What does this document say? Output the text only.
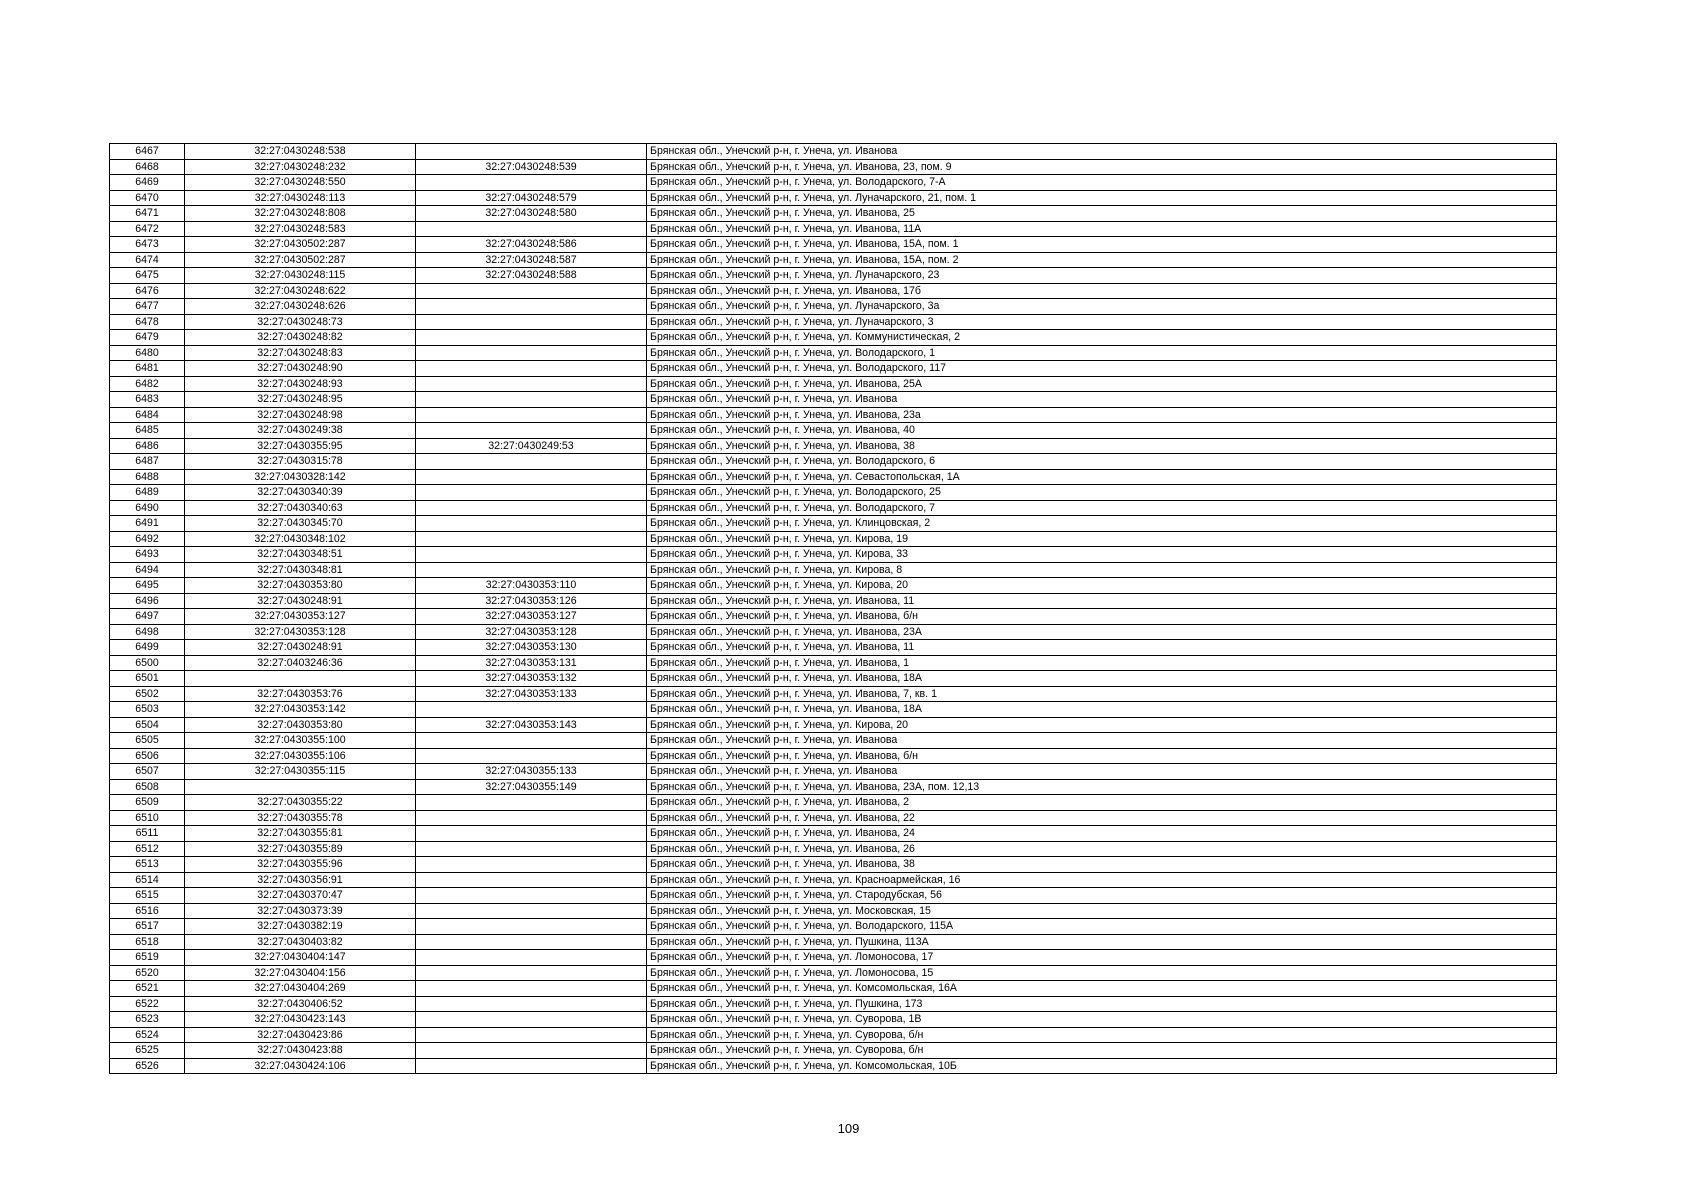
6467	32:27:0430248:538		Брянская обл., Унечский р-н, г. Унеча, ул. Иванова
6468	32:27:0430248:232	32:27:0430248:539	Брянская обл., Унечский р-н, г. Унеча, ул. Иванова, 23, пом. 9
6469	32:27:0430248:550		Брянская обл., Унечский р-н, г. Унеча, ул. Володарского, 7-А
6470	32:27:0430248:113	32:27:0430248:579	Брянская обл., Унечский р-н, г. Унеча, ул. Луначарского, 21, пом. 1
6471	32:27:0430248:808	32:27:0430248:580	Брянская обл., Унечский р-н, г. Унеча, ул. Иванова, 25
6472	32:27:0430248:583		Брянская обл., Унечский р-н, г. Унеча, ул. Иванова, 11А
6473	32:27:0430502:287	32:27:0430248:586	Брянская обл., Унечский р-н, г. Унеча, ул. Иванова, 15А, пом. 1
6474	32:27:0430502:287	32:27:0430248:587	Брянская обл., Унечский р-н, г. Унеча, ул. Иванова, 15А, пом. 2
6475	32:27:0430248:115	32:27:0430248:588	Брянская обл., Унечский р-н, г. Унеча, ул. Луначарского, 23
6476	32:27:0430248:622		Брянская обл., Унечский р-н, г. Унеча, ул. Иванова, 17б
6477	32:27:0430248:626		Брянская обл., Унечский р-н, г. Унеча, ул. Луначарского, 3а
6478	32:27:0430248:73		Брянская обл., Унечский р-н, г. Унеча, ул. Луначарского, 3
6479	32:27:0430248:82		Брянская обл., Унечский р-н, г. Унеча, ул. Коммунистическая, 2
6480	32:27:0430248:83		Брянская обл., Унечский р-н, г. Унеча, ул. Володарского, 1
6481	32:27:0430248:90		Брянская обл., Унечский р-н, г. Унеча, ул. Володарского, 117
6482	32:27:0430248:93		Брянская обл., Унечский р-н, г. Унеча, ул. Иванова, 25А
6483	32:27:0430248:95		Брянская обл., Унечский р-н, г. Унеча, ул. Иванова
6484	32:27:0430248:98		Брянская обл., Унечский р-н, г. Унеча, ул. Иванова, 23а
6485	32:27:0430249:38		Брянская обл., Унечский р-н, г. Унеча, ул. Иванова, 40
6486	32:27:0430355:95	32:27:0430249:53	Брянская обл., Унечский р-н, г. Унеча, ул. Иванова, 38
6487	32:27:0430315:78		Брянская обл., Унечский р-н, г. Унеча, ул. Володарского, 6
6488	32:27:0430328:142		Брянская обл., Унечский р-н, г. Унеча, ул. Севастопольская, 1А
6489	32:27:0430340:39		Брянская обл., Унечский р-н, г. Унеча, ул. Володарского, 25
6490	32:27:0430340:63		Брянская обл., Унечский р-н, г. Унеча, ул. Володарского, 7
6491	32:27:0430345:70		Брянская обл., Унечский р-н, г. Унеча, ул. Клинцовская, 2
6492	32:27:0430348:102		Брянская обл., Унечский р-н, г. Унеча, ул. Кирова, 19
6493	32:27:0430348:51		Брянская обл., Унечский р-н, г. Унеча, ул. Кирова, 33
6494	32:27:0430348:81		Брянская обл., Унечский р-н, г. Унеча, ул. Кирова, 8
6495	32:27:0430353:80	32:27:0430353:110	Брянская обл., Унечский р-н, г. Унеча, ул. Кирова, 20
6496	32:27:0430248:91	32:27:0430353:126	Брянская обл., Унечский р-н, г. Унеча, ул. Иванова, 11
6497	32:27:0430353:127	32:27:0430353:127	Брянская обл., Унечский р-н, г. Унеча, ул. Иванова, б/н
6498	32:27:0430353:128	32:27:0430353:128	Брянская обл., Унечский р-н, г. Унеча, ул. Иванова, 23А
6499	32:27:0430248:91	32:27:0430353:130	Брянская обл., Унечский р-н, г. Унеча, ул. Иванова, 11
6500	32:27:0403246:36	32:27:0430353:131	Брянская обл., Унечский р-н, г. Унеча, ул. Иванова, 1
6501		32:27:0430353:132	Брянская обл., Унечский р-н, г. Унеча, ул. Иванова, 18А
6502	32:27:0430353:76	32:27:0430353:133	Брянская обл., Унечский р-н, г. Унеча, ул. Иванова, 7, кв. 1
6503	32:27:0430353:142		Брянская обл., Унечский р-н, г. Унеча, ул. Иванова, 18А
6504	32:27:0430353:80	32:27:0430353:143	Брянская обл., Унечский р-н, г. Унеча, ул. Кирова, 20
6505	32:27:0430355:100		Брянская обл., Унечский р-н, г. Унеча, ул. Иванова
6506	32:27:0430355:106		Брянская обл., Унечский р-н, г. Унеча, ул. Иванова, б/н
6507	32:27:0430355:115	32:27:0430355:133	Брянская обл., Унечский р-н, г. Унеча, ул. Иванова
6508		32:27:0430355:149	Брянская обл., Унечский р-н, г. Унеча, ул. Иванова, 23А, пом. 12,13
6509	32:27:0430355:22		Брянская обл., Унечский р-н, г. Унеча, ул. Иванова, 2
6510	32:27:0430355:78		Брянская обл., Унечский р-н, г. Унеча, ул. Иванова, 22
6511	32:27:0430355:81		Брянская обл., Унечский р-н, г. Унеча, ул. Иванова, 24
6512	32:27:0430355:89		Брянская обл., Унечский р-н, г. Унеча, ул. Иванова, 26
6513	32:27:0430355:96		Брянская обл., Унечский р-н, г. Унеча, ул. Иванова, 38
6514	32:27:0430356:91		Брянская обл., Унечский р-н, г. Унеча, ул. Красноармейская, 16
6515	32:27:0430370:47		Брянская обл., Унечский р-н, г. Унеча, ул. Стародубская, 56
6516	32:27:0430373:39		Брянская обл., Унечский р-н, г. Унеча, ул. Московская, 15
6517	32:27:0430382:19		Брянская обл., Унечский р-н, г. Унеча, ул. Володарского, 115А
6518	32:27:0430403:82		Брянская обл., Унечский р-н, г. Унеча, ул. Пушкина, 113А
6519	32:27:0430404:147		Брянская обл., Унечский р-н, г. Унеча, ул. Ломоносова, 17
6520	32:27:0430404:156		Брянская обл., Унечский р-н, г. Унеча, ул. Ломоносова, 15
6521	32:27:0430404:269		Брянская обл., Унечский р-н, г. Унеча, ул. Комсомольская, 16А
6522	32:27:0430406:52		Брянская обл., Унечский р-н, г. Унеча, ул. Пушкина, 173
6523	32:27:0430423:143		Брянская обл., Унечский р-н, г. Унеча, ул. Суворова, 1В
6524	32:27:0430423:86		Брянская обл., Унечский р-н, г. Унеча, ул. Суворова, б/н
6525	32:27:0430423:88		Брянская обл., Унечский р-н, г. Унеча, ул. Суворова, б/н
6526	32:27:0430424:106		Брянская обл., Унечский р-н, г. Унеча, ул. Комсомольская, 10Б
109
